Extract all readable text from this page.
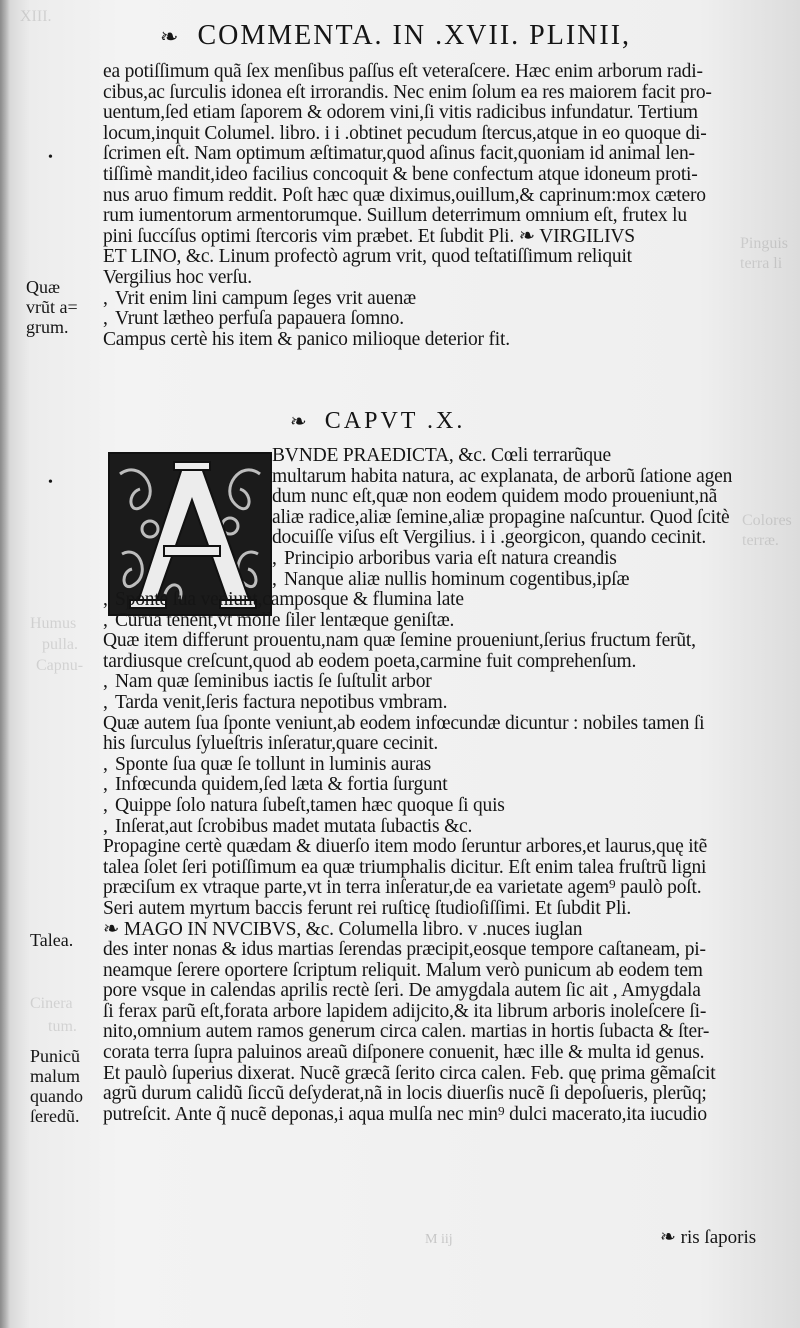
XIII.
Pinguis
terra li
Colores
terræ.
Humus
pulla.
Capnu-
Cinera
tum.
❧ COMMENTA. IN .XVII. PLINII,
ea potiſſimum quã ſex menſibus paſſus eſt veteraſcere. Hæc enim arborum radi-
cibus,ac ſurculis idonea eſt irrorandis. Nec enim ſolum ea res maiorem facit pro-
uentum,ſed etiam ſaporem & odorem vini,ſi vitis radicibus infundatur. Tertium
locum,inquit Columel. libro. i i .obtinet pecudum ſtercus,atque in eo quoque di-
ſcrimen eſt. Nam optimum æſtimatur,quod aſinus facit,quoniam id animal len-
tiſſimè mandit,ideo facilius concoquit & bene confectum atque idoneum proti-
nus aruo fimum reddit. Poſt hæc quæ diximus,ouillum,& caprinum:mox cætero
rum iumentorum armentorumque. Suillum deterrimum omnium eſt, frutex lu
pini ſuccíſus optimi ſtercoris vim præbet. Et ſubdit Pli. ❧ VIRGILIVS
ET LINO, &c. Linum profectò agrum vrit, quod teſtatiſſimum reliquit
Vergilius hoc verſu.
, Vrit enim lini campum ſeges vrit auenæ
, Vrunt lætheo perfuſa papauera ſomno.
Campus certè his item & panico milioque deterior fit.
❧ CAPVT .X.
BVNDE PRAEDICTA, &c. Cœli terrarũque
multarum habita natura, ac explanata, de arborũ ſatione agen
dum nunc eſt,quæ non eodem quidem modo proueniunt,nã
aliæ radice,aliæ ſemine,aliæ propagine naſcuntur. Quod ſcitè
docuiſſe viſus eſt Vergilius. i i .georgicon, quando cecinit.
, Principio arboribus varia eſt natura creandis
, Nanque aliæ nullis hominum cogentibus,ipſæ
, Sponte ſua veniunt,camposque & flumina late
, Curua tenent,vt molle ſiler lentæque geniſtæ.
Quæ item differunt prouentu,nam quæ ſemine proueniunt,ſerius fructum ferũt,
tardiusque creſcunt,quod ab eodem poeta,carmine fuit comprehenſum.
, Nam quæ ſeminibus iactis ſe ſuſtulit arbor
, Tarda venit,ſeris factura nepotibus vmbram.
Quæ autem ſua ſponte veniunt,ab eodem infœcundæ dicuntur : nobiles tamen ſi
his ſurculus ſylueſtris inſeratur,quare cecinit.
, Sponte ſua quæ ſe tollunt in luminis auras
, Infœcunda quidem,ſed læta & fortia ſurgunt
, Quippe ſolo natura ſubeſt,tamen hæc quoque ſi quis
, Inſerat,aut ſcrobibus madet mutata ſubactis &c.
Propagine certè quædam & diuerſo item modo ſeruntur arbores,et laurus,quę itẽ
talea ſolet ſeri potiſſimum ea quæ triumphalis dicitur. Eſt enim talea fruſtrũ ligni
præciſum ex vtraque parte,vt in terra inſeratur,de ea varietate agem⁹ paulò poſt.
Seri autem myrtum baccis ferunt rei ruſticę ſtudioſiſſimi. Et ſubdit Pli.
❧ MAGO IN NVCIBVS, &c. Columella libro. v .nuces iuglan
des inter nonas & idus martias ſerendas præcipit,eosque tempore caſtaneam, pi-
neamque ſerere oportere ſcriptum reliquit. Malum verò punicum ab eodem tem
pore vsque in calendas aprilis rectè ſeri. De amygdala autem ſic ait , Amygdala
ſi ferax parũ eſt,forata arbore lapidem adijcito,& ita librum arboris inoleſcere ſi-
nito,omnium autem ramos generum circa calen. martias in hortis ſubacta & ſter-
corata terra ſupra paluinos areaũ diſponere conuenit, hæc ille & multa id genus.
Et paulò ſuperius dixerat. Nucẽ græcã ſerito circa calen. Feb. quę prima gẽmaſcit
agrũ durum calidũ ſiccũ deſyderat,nã in locis diuerſis nucẽ ſi depoſueris, plerũq;
putreſcit. Ante q̃ nucẽ deponas,i aqua mulſa nec min⁹ dulci macerato,ita iucudio
•
Quæ
vrũt a=
grum.
•
Talea.
Punicũ
malum
quando
ſeredũ.
M iij	❧ ris ſaporis
